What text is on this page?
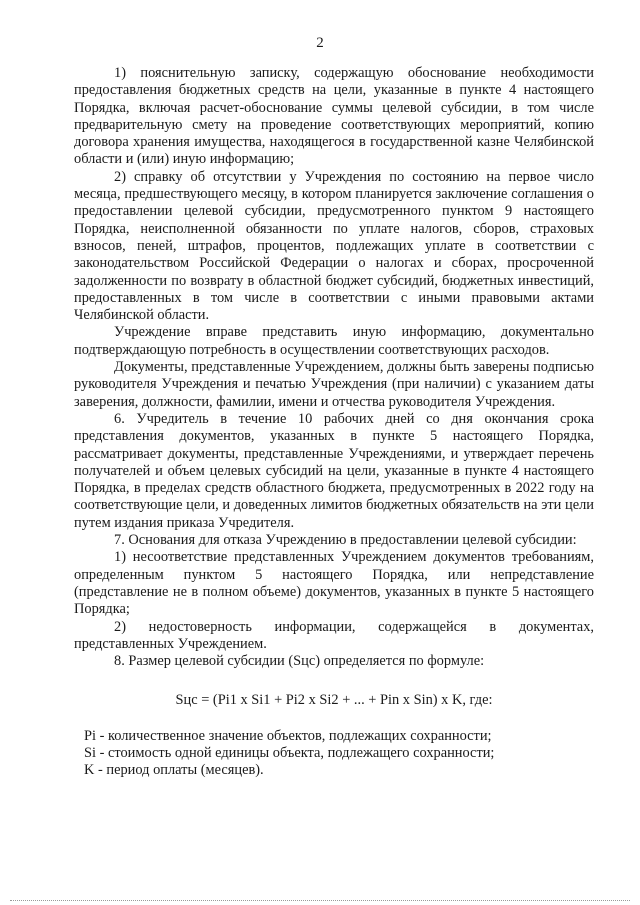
2

1) пояснительную записку, содержащую обоснование необходимости предоставления бюджетных средств на цели, указанные в пункте 4 настоящего Порядка, включая расчет-обоснование суммы целевой субсидии, в том числе предварительную смету на проведение соответствующих мероприятий, копию договора хранения имущества, находящегося в государственной казне Челябинской области и (или) иную информацию;

2) справку об отсутствии у Учреждения по состоянию на первое число месяца, предшествующего месяцу, в котором планируется заключение соглашения о предоставлении целевой субсидии, предусмотренного пунктом 9 настоящего Порядка, неисполненной обязанности по уплате налогов, сборов, страховых взносов, пеней, штрафов, процентов, подлежащих уплате в соответствии с законодательством Российской Федерации о налогах и сборах, просроченной задолженности по возврату в областной бюджет субсидий, бюджетных инвестиций, предоставленных в том числе в соответствии с иными правовыми актами Челябинской области.

Учреждение вправе представить иную информацию, документально подтверждающую потребность в осуществлении соответствующих расходов.

Документы, представленные Учреждением, должны быть заверены подписью руководителя Учреждения и печатью Учреждения (при наличии) с указанием даты заверения, должности, фамилии, имени и отчества руководителя Учреждения.

6. Учредитель в течение 10 рабочих дней со дня окончания срока представления документов, указанных в пункте 5 настоящего Порядка, рассматривает документы, представленные Учреждениями, и утверждает перечень получателей и объем целевых субсидий на цели, указанные в пункте 4 настоящего Порядка, в пределах средств областного бюджета, предусмотренных в 2022 году на соответствующие цели, и доведенных лимитов бюджетных обязательств на эти цели путем издания приказа Учредителя.

7. Основания для отказа Учреждению в предоставлении целевой субсидии:

1) несоответствие представленных Учреждением документов требованиям, определенным пунктом 5 настоящего Порядка, или непредставление (представление не в полном объеме) документов, указанных в пункте 5 настоящего Порядка;

2) недостоверность информации, содержащейся в документах, представленных Учреждением.

8. Размер целевой субсидии (Sцс) определяется по формуле:

Sцс = (Pi1 x Si1 + Pi2 x Si2 + ... + Pin x Sin) x K, где:

Pi - количественное значение объектов, подлежащих сохранности;

Si - стоимость одной единицы объекта, подлежащего сохранности;

K - период оплаты (месяцев).
